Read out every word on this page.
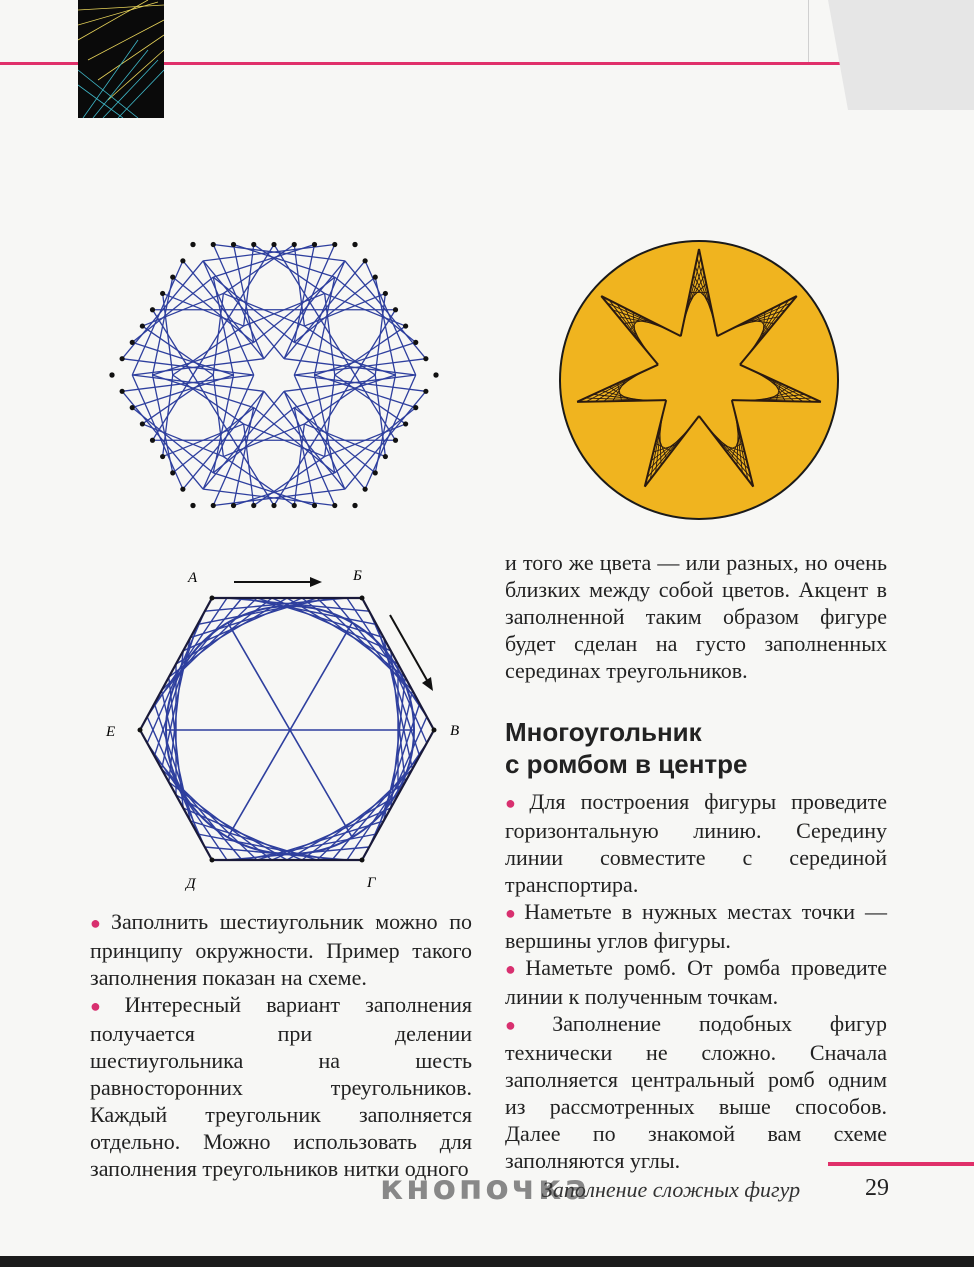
А	Б
В
Г
Д
Е

и того же цвета — или разных, но очень близких между собой цветов. Акцент в заполненной таким образом фигуре будет сделан на густо заполненных серединах треугольников.

Многоугольник
с ромбом в центре

● Для построения фигуры проведите горизонтальную линию. Середину линии совместите с серединой транспортира.

● Наметьте в нужных местах точки — вершины углов фигуры.

● Наметьте ромб. От ромба проведите линии к полученным точкам.

● Заполнение подобных фигур технически не сложно. Сначала заполняется центральный ромб одним из рассмотренных выше способов. Далее по знакомой вам схеме заполняются углы.

● Заполнить шестиугольник можно по принципу окружности. Пример такого заполнения показан на схеме.

● Интересный вариант заполнения получается при делении шестиугольника на шесть равносторонних треугольников. Каждый треугольник заполняется отдельно. Можно использовать для заполнения треугольников нитки одного

кнопочка
Заполнение сложных фигур	29
